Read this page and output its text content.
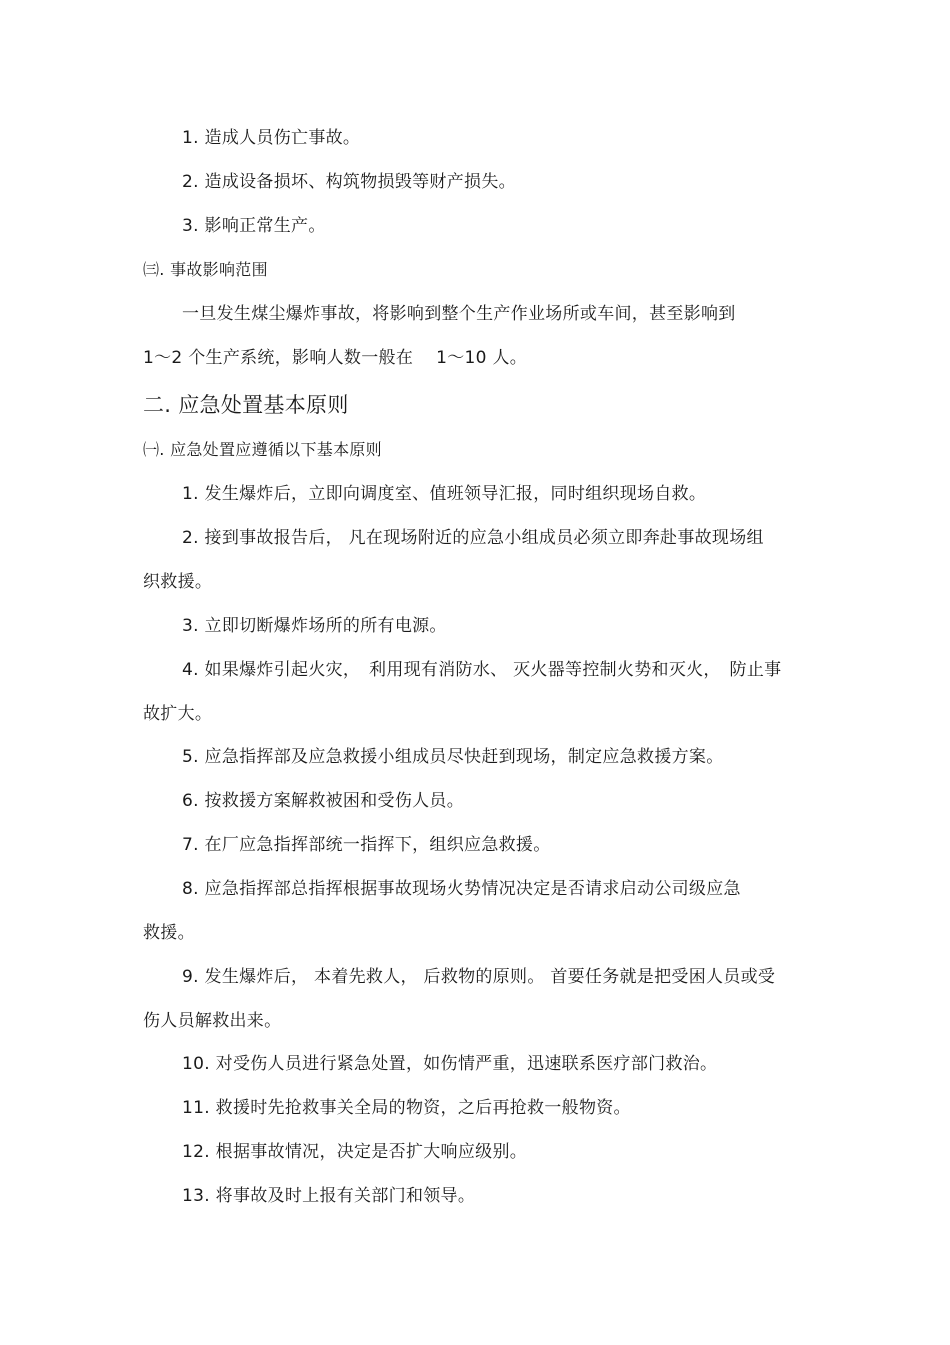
1. 造成人员伤亡事故。
2. 造成设备损坏、构筑物损毁等财产损失。
3. 影响正常生产。
㈢. 事故影响范围
一旦发生煤尘爆炸事故，将影响到整个生产作业场所或车间，甚至影响到
1～2 个生产系统，影响人数一般在　 1～10 人。
二. 应急处置基本原则
㈠. 应急处置应遵循以下基本原则
1. 发生爆炸后，立即向调度室、值班领导汇报，同时组织现场自救。
2. 接到事故报告后， 凡在现场附近的应急小组成员必须立即奔赴事故现场组
织救援。
3. 立即切断爆炸场所的所有电源。
4. 如果爆炸引起火灾，　利用现有消防水、 灭火器等控制火势和灭火，　防止事
故扩大。
5. 应急指挥部及应急救援小组成员尽快赶到现场，制定应急救援方案。
6. 按救援方案解救被困和受伤人员。
7. 在厂应急指挥部统一指挥下，组织应急救援。
8. 应急指挥部总指挥根据事故现场火势情况决定是否请求启动公司级应急
救援。
9. 发生爆炸后， 本着先救人， 后救物的原则。 首要任务就是把受困人员或受
伤人员解救出来。
10. 对受伤人员进行紧急处置，如伤情严重，迅速联系医疗部门救治。
11. 救援时先抢救事关全局的物资，之后再抢救一般物资。
12. 根据事故情况，决定是否扩大响应级别。
13. 将事故及时上报有关部门和领导。
